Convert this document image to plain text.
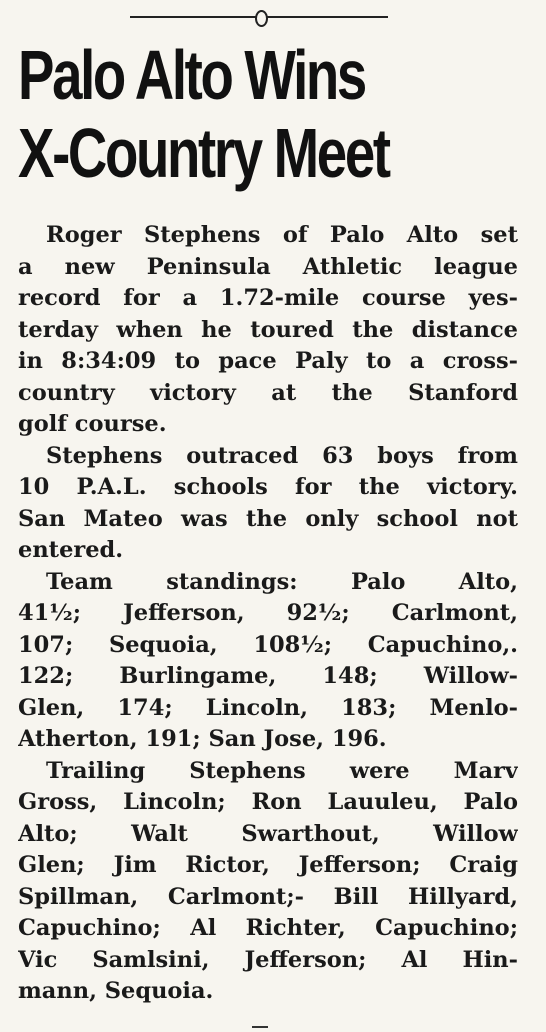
Palo Alto Wins
X-Country Meet
Roger Stephens of Palo Alto set
a new Peninsula Athletic league
record for a 1.72-mile course yes-
terday when he toured the distance
in 8:34:09 to pace Paly to a cross-
country victory at the Stanford
golf course.
Stephens outraced 63 boys from
10 P.A.L. schools for the victory.
San Mateo was the only school not
entered.
Team standings: Palo Alto,
41½; Jefferson, 92½; Carlmont,
107; Sequoia, 108½; Capuchino,.
122; Burlingame, 148; Willow-
Glen, 174; Lincoln, 183; Menlo-
Atherton, 191; San Jose, 196.
Trailing Stephens were Marv
Gross, Lincoln; Ron Lauuleu, Palo
Alto; Walt Swarthout, Willow
Glen; Jim Rictor, Jefferson; Craig
Spillman, Carlmont;- Bill Hillyard,
Capuchino; Al Richter, Capuchino;
Vic Samlsini, Jefferson; Al Hin-
mann, Sequoia.
